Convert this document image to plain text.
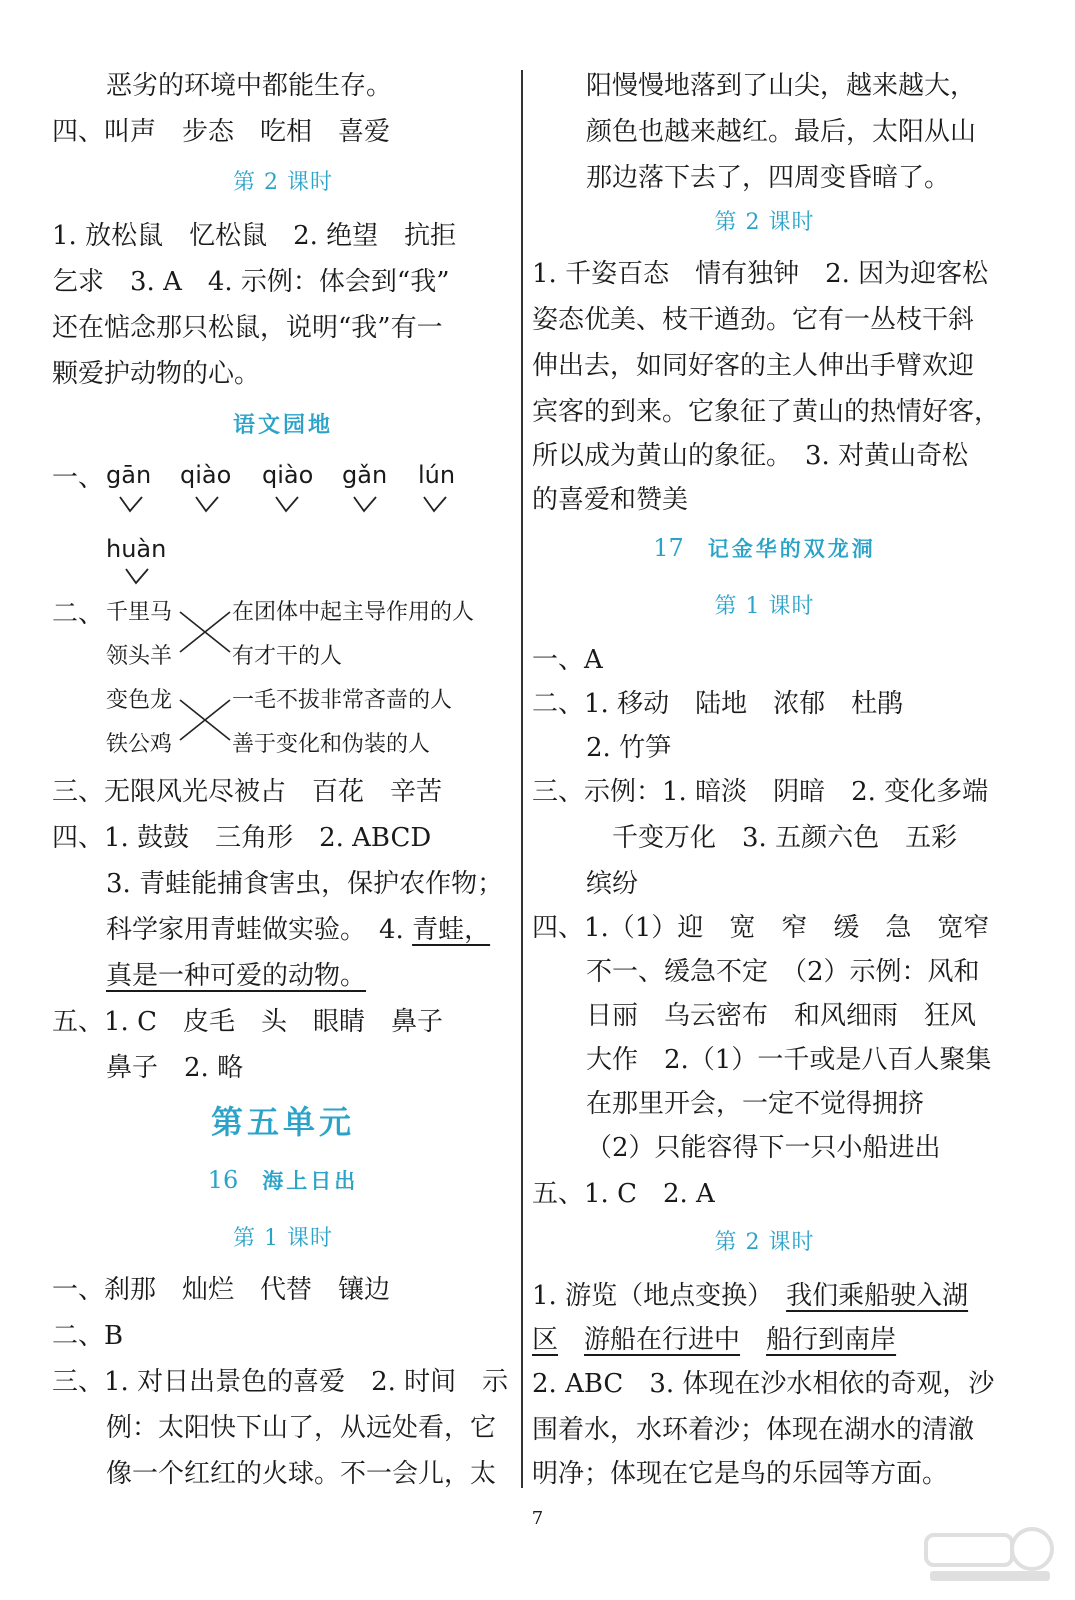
恶劣的环境中都能生存。
四、叫声　步态　吃相　喜爱
第 2 课时
1. 放松鼠　忆松鼠　2. 绝望　抗拒
乞求　3. A　4. 示例：体会到“我”
还在惦念那只松鼠，说明“我”有一
颗爱护动物的心。
语文园地
一、 gān qiào qiào gǎn lún
huàn
二、 千里马
领头羊
变色龙
铁公鸡
在团体中起主导作用的人
有才干的人
一毛不拔非常吝啬的人
善于变化和伪装的人
三、无限风光尽被占　百花　辛苦
四、1. 鼓鼓　三角形　2. ABCD
3. 青蛙能捕食害虫，保护农作物；
科学家用青蛙做实验。　4. 青蛙，
真是一种可爱的动物。
五、1. C　皮毛　头　眼睛　鼻子
鼻子　2. 略
第五单元
16 海上日出
第 1 课时
一、刹那　灿烂　代替　镶边
二、B
三、1. 对日出景色的喜爱　2. 时间　示
例：太阳快下山了，从远处看，它
像一个红红的火球。不一会儿，太
阳慢慢地落到了山尖，越来越大，
颜色也越来越红。最后，太阳从山
那边落下去了，四周变昏暗了。
第 2 课时
1. 千姿百态　情有独钟　2. 因为迎客松
姿态优美、枝干遒劲。它有一丛枝干斜
伸出去，如同好客的主人伸出手臂欢迎
宾客的到来。它象征了黄山的热情好客，
所以成为黄山的象征。　3. 对黄山奇松
的喜爱和赞美
17 记金华的双龙洞
第 1 课时
一、A
二、1. 移动　陆地　浓郁　杜鹃
2. 竹笋
三、示例：1. 暗淡　阴暗　2. 变化多端
千变万化　3. 五颜六色　五彩
缤纷
四、1.（1）迎　宽　窄　缓　急　宽窄
不一、缓急不定　（2）示例：风和
日丽　乌云密布　和风细雨　狂风
大作　2.（1）一千或是八百人聚集
在那里开会，一定不觉得拥挤
（2）只能容得下一只小船进出
五、1. C　2. A
第 2 课时
1. 游览（地点变换）　我们乘船驶入湖
区　 游船在行进中　 船行到南岸
2. ABC　3. 体现在沙水相依的奇观，沙
围着水，水环着沙；体现在湖水的清澈
明净；体现在它是鸟的乐园等方面。
7
